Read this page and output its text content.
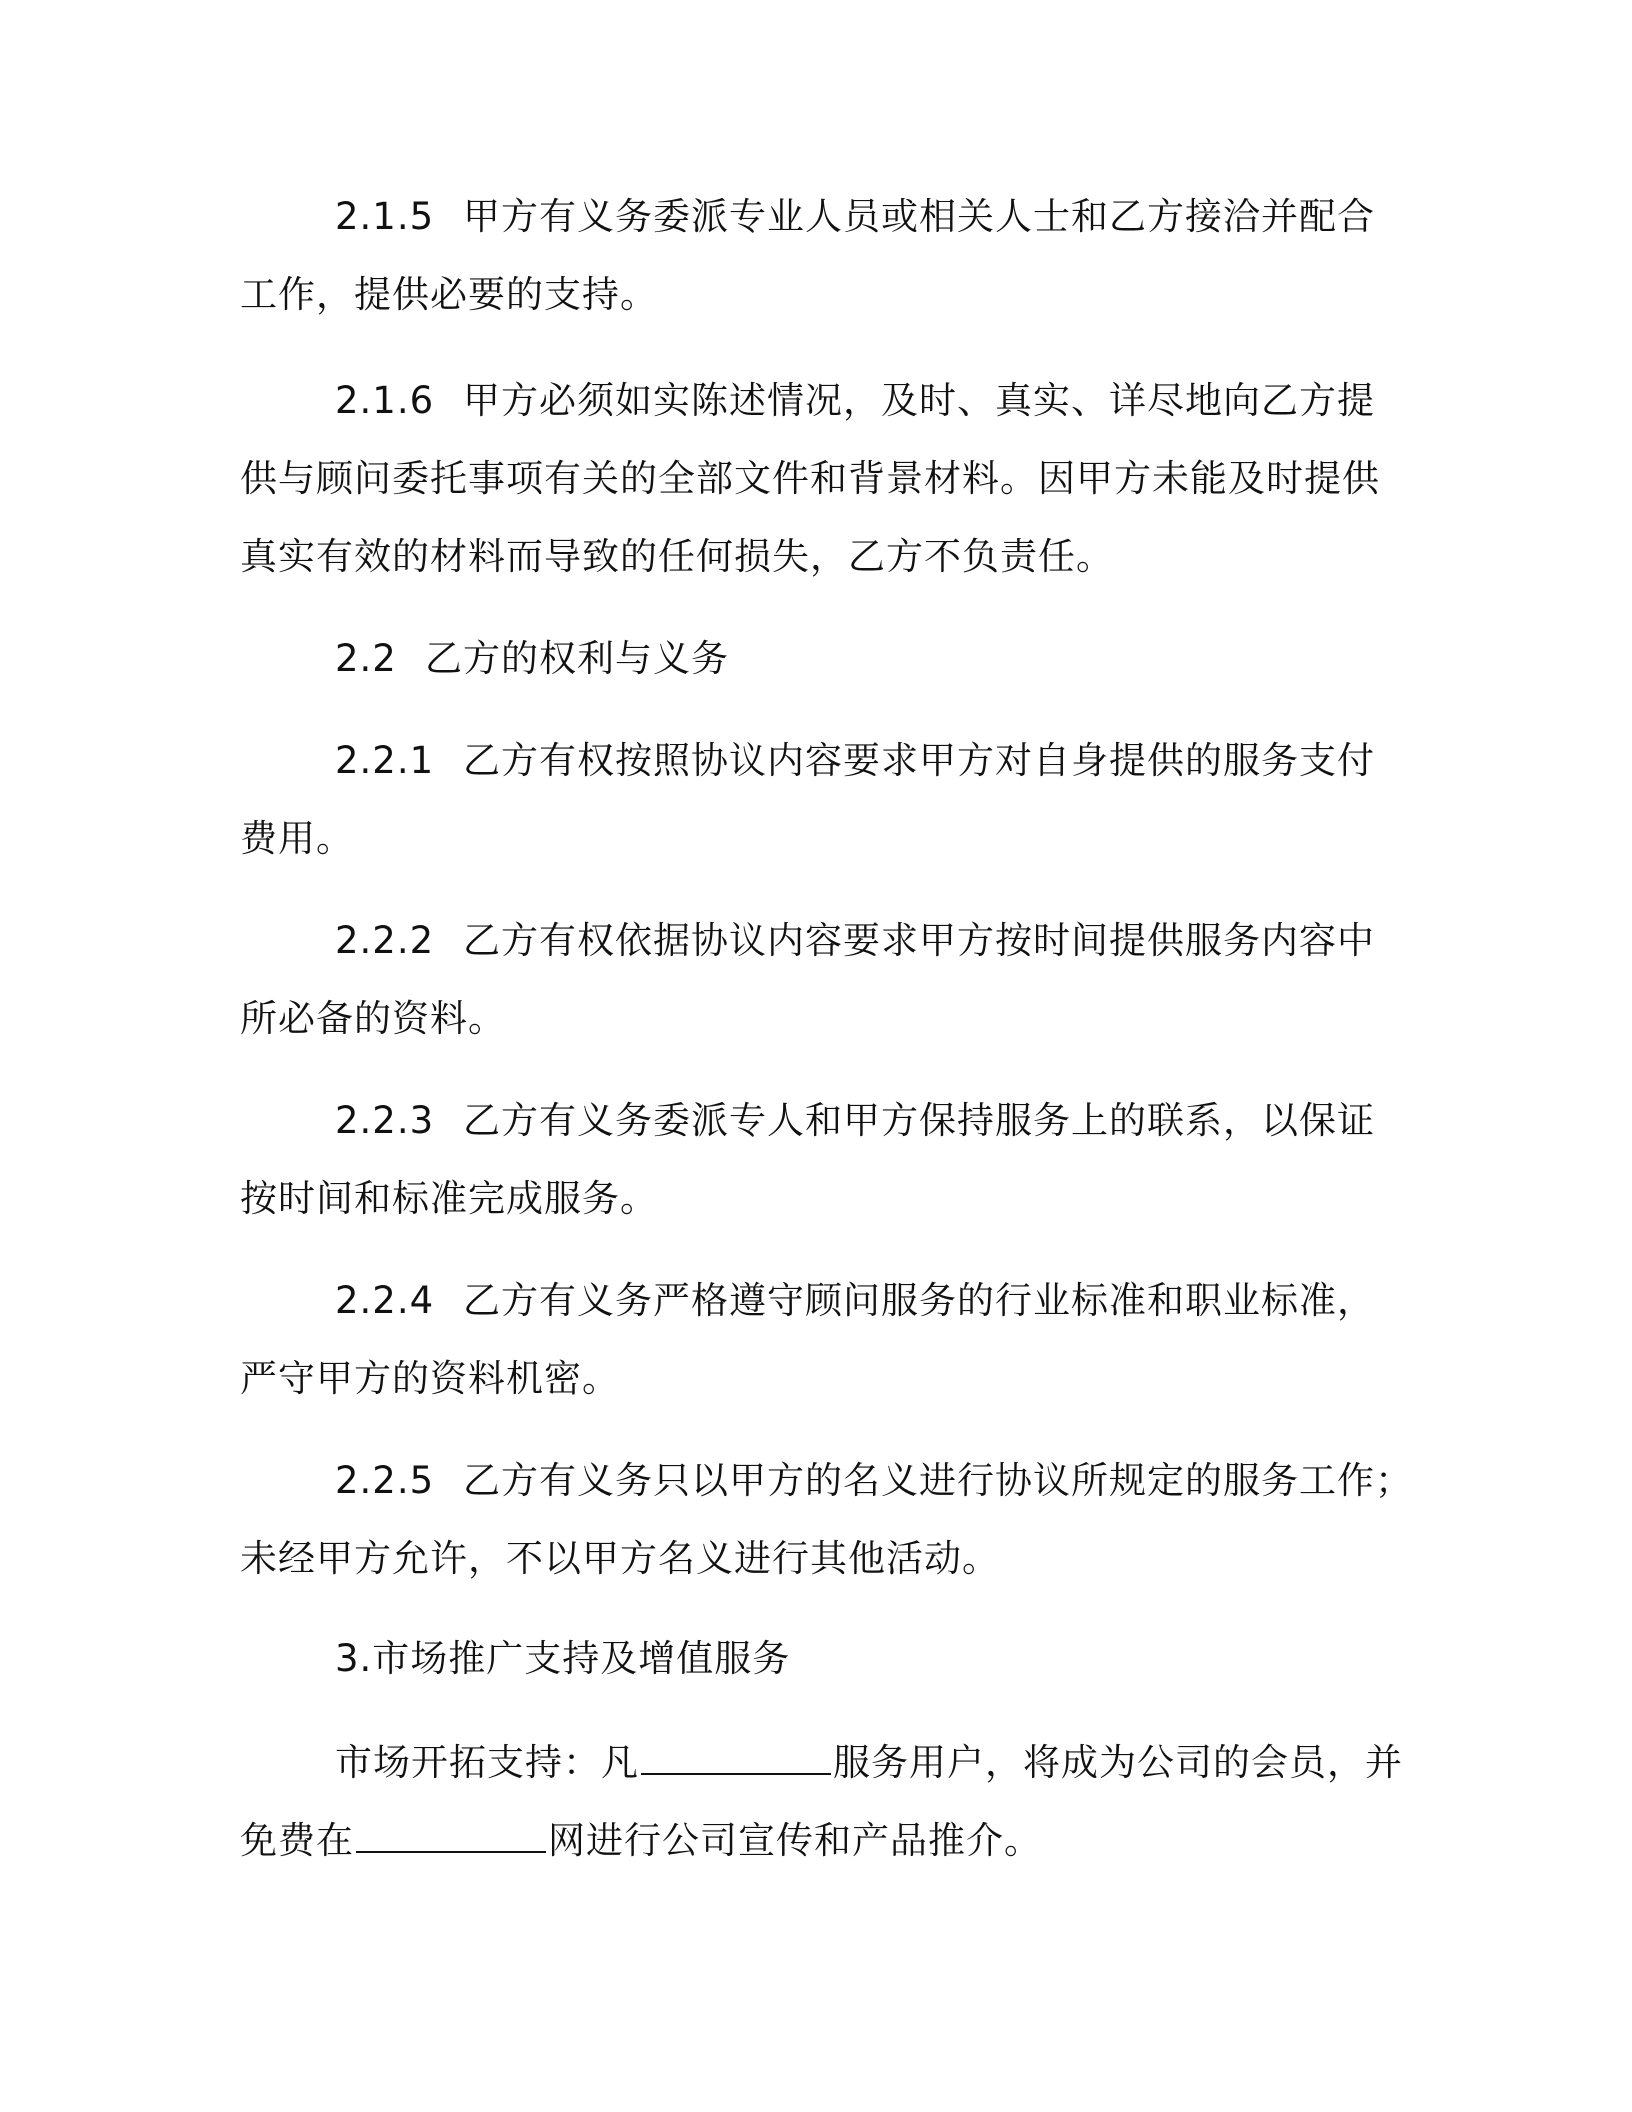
2.1.5 甲方有义务委派专业人员或相关人士和乙方接洽并配合
工作，提供必要的支持。
2.1.6 甲方必须如实陈述情况，及时、真实、详尽地向乙方提
供与顾问委托事项有关的全部文件和背景材料。因甲方未能及时提供
真实有效的材料而导致的任何损失，乙方不负责任。
2.2 乙方的权利与义务
2.2.1 乙方有权按照协议内容要求甲方对自身提供的服务支付
费用。
2.2.2 乙方有权依据协议内容要求甲方按时间提供服务内容中
所必备的资料。
2.2.3 乙方有义务委派专人和甲方保持服务上的联系，以保证
按时间和标准完成服务。
2.2.4 乙方有义务严格遵守顾问服务的行业标准和职业标准，
严守甲方的资料机密。
2.2.5 乙方有义务只以甲方的名义进行协议所规定的服务工作；
未经甲方允许，不以甲方名义进行其他活动。
3.市场推广支持及增值服务
市场开拓支持：凡	服务用户，将成为公司的会员，并
免费在	网进行公司宣传和产品推介。
